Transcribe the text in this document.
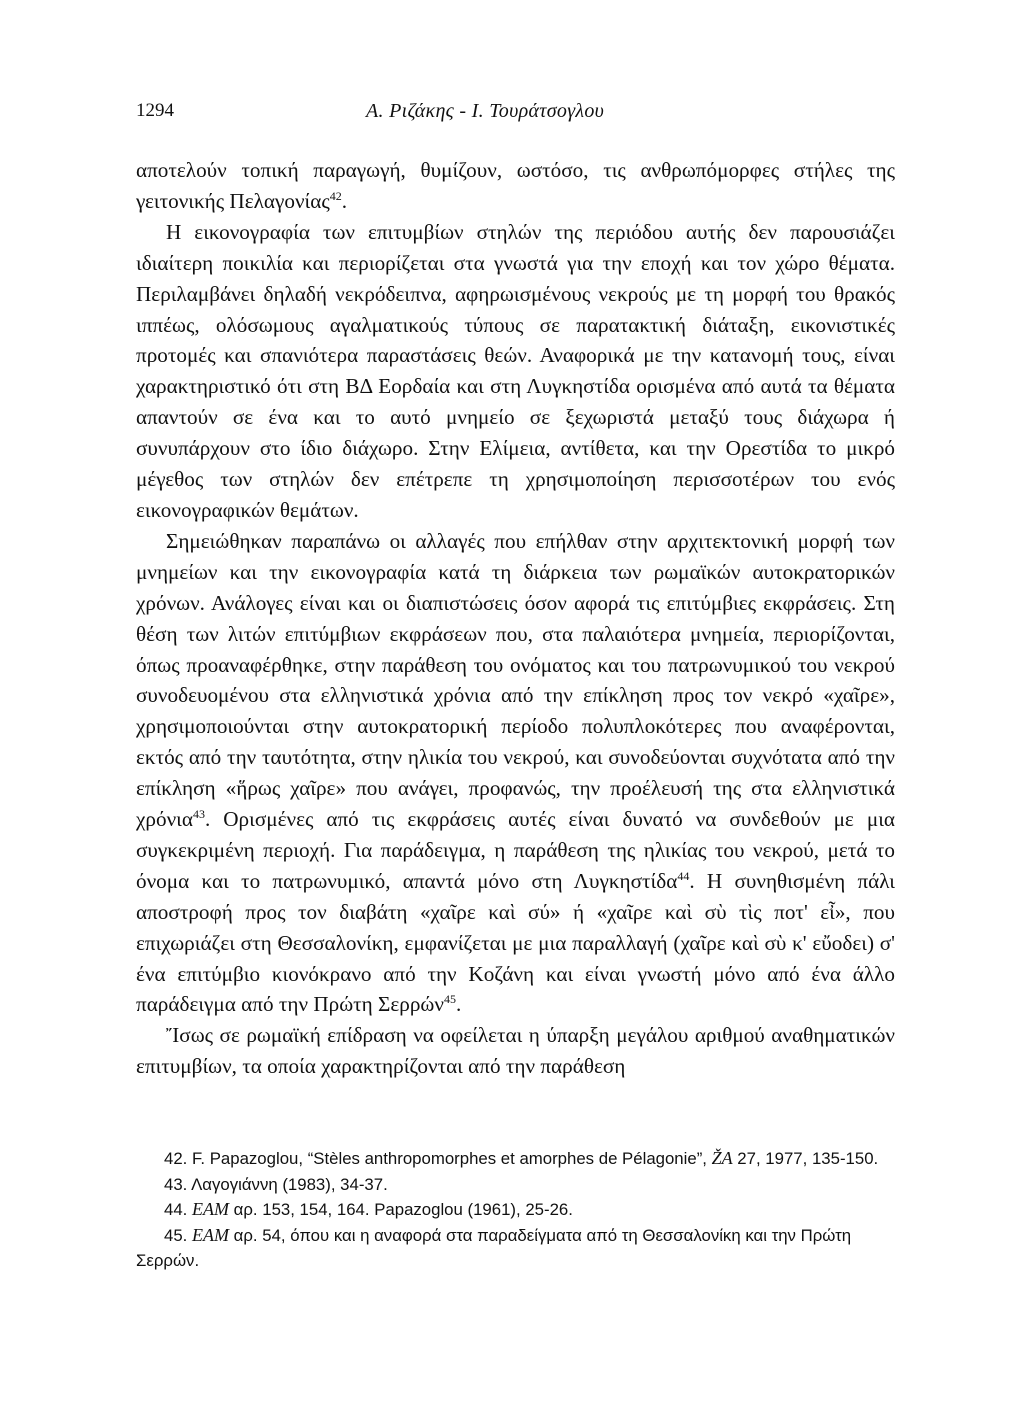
1294	Α. Ριζάκης - Ι. Τουράτσογλου

αποτελούν τοπική παραγωγή, θυμίζουν, ωστόσο, τις ανθρωπόμορφες στήλες της γειτονικής Πελαγονίας$^{42}$.

Η εικονογραφία των επιτυμβίων στηλών της περιόδου αυτής δεν παρουσιάζει ιδιαίτερη ποικιλία και περιορίζεται στα γνωστά για την εποχή και τον χώρο θέματα. Περιλαμβάνει δηλαδή νεκρόδειπνα, αφηρωισμένους νεκρούς με τη μορφή του θρακός ιππέως, ολόσωμους αγαλματικούς τύπους σε παρατακτική διάταξη, εικονιστικές προτομές και σπανιότερα παραστάσεις θεών. Αναφορικά με την κατανομή τους, είναι χαρακτηριστικό ότι στη ΒΔ Εορδαία και στη Λυγκηστίδα ορισμένα από αυτά τα θέματα απαντούν σε ένα και το αυτό μνημείο σε ξεχωριστά μεταξύ τους διάχωρα ή συνυπάρχουν στο ίδιο διάχωρο. Στην Ελίμεια, αντίθετα, και την Ορεστίδα το μικρό μέγεθος των στηλών δεν επέτρεπε τη χρησιμοποίηση περισσοτέρων του ενός εικονογραφικών θεμάτων.

Σημειώθηκαν παραπάνω οι αλλαγές που επήλθαν στην αρχιτεκτονική μορφή των μνημείων και την εικονογραφία κατά τη διάρκεια των ρωμαϊκών αυτοκρατορικών χρόνων. Ανάλογες είναι και οι διαπιστώσεις όσον αφορά τις επιτύμβιες εκφράσεις. Στη θέση των λιτών επιτύμβιων εκφράσεων που, στα παλαιότερα μνημεία, περιορίζονται, όπως προαναφέρθηκε, στην παράθεση του ονόματος και του πατρωνυμικού του νεκρού συνοδευομένου στα ελληνιστικά χρόνια από την επίκληση προς τον νεκρό «χαῖρε», χρησιμοποιούνται στην αυτοκρατορική περίοδο πολυπλοκότερες που αναφέρονται, εκτός από την ταυτότητα, στην ηλικία του νεκρού, και συνοδεύονται συχνότατα από την επίκληση «ἥρως χαῖρε» που ανάγει, προφανώς, την προέλευσή της στα ελληνιστικά χρόνια$^{43}$. Ορισμένες από τις εκφράσεις αυτές είναι δυνατό να συνδεθούν με μια συγκεκριμένη περιοχή. Για παράδειγμα, η παράθεση της ηλικίας του νεκρού, μετά το όνομα και το πατρωνυμικό, απαντά μόνο στη Λυγκηστίδα$^{44}$. Η συνηθισμένη πάλι αποστροφή προς τον διαβάτη «χαῖρε καὶ σύ» ή «χαῖρε καὶ σὺ τὶς ποτ' εἶ», που επιχωριάζει στη Θεσσαλονίκη, εμφανίζεται με μια παραλλαγή (χαῖρε καὶ σὺ κ' εὔοδει) σ' ένα επιτύμβιο κιονόκρανο από την Κοζάνη και είναι γνωστή μόνο από ένα άλλο παράδειγμα από την Πρώτη Σερρών$^{45}$.

Ἴσως σε ρωμαϊκή επίδραση να οφείλεται η ύπαρξη μεγάλου αριθμού αναθηματικών επιτυμβίων, τα οποία χαρακτηρίζονται από την παράθεση

42. F. Papazoglou, “Stèles anthropomorphes et amorphes de Pélagonie”, ŽA 27, 1977, 135-150.

43. Λαγογιάννη (1983), 34-37.

44. ΕΑΜ αρ. 153, 154, 164. Papazoglou (1961), 25-26.

45. ΕΑΜ αρ. 54, όπου και η αναφορά στα παραδείγματα από τη Θεσσαλονίκη και την Πρώτη Σερρών.
